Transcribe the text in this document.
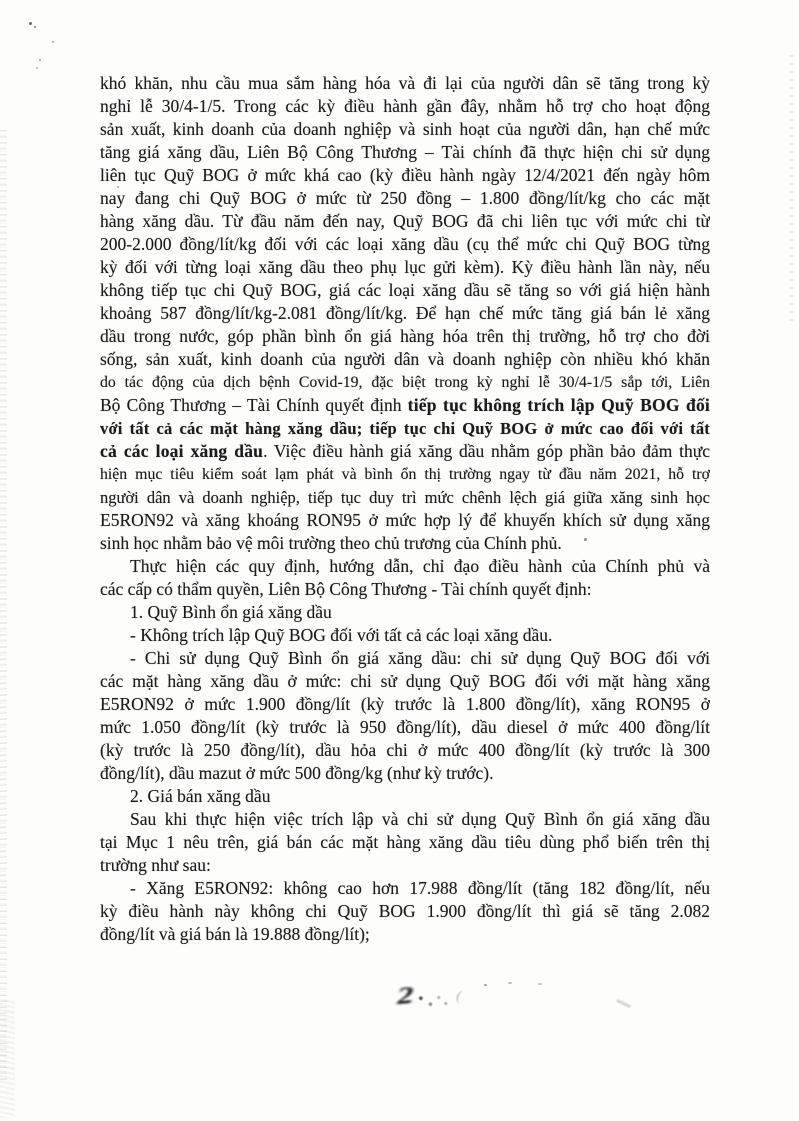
khó khăn, nhu cầu mua sắm hàng hóa và đi lại của người dân sẽ tăng trong kỳ
nghỉ lễ 30/4-1/5. Trong các kỳ điều hành gần đây, nhằm hỗ trợ cho hoạt động
sản xuất, kinh doanh của doanh nghiệp và sinh hoạt của người dân, hạn chế mức
tăng giá xăng dầu, Liên Bộ Công Thương – Tài chính đã thực hiện chi sử dụng
liên tục Quỹ BOG ở mức khá cao (kỳ điều hành ngày 12/4/2021 đến ngày hôm
nay đang chi Quỹ BOG ở mức từ 250 đồng – 1.800 đồng/lít/kg cho các mặt
hàng xăng dầu. Từ đầu năm đến nay, Quỹ BOG đã chi liên tục với mức chi từ
200-2.000 đồng/lít/kg đối với các loại xăng dầu (cụ thể mức chi Quỹ BOG từng
kỳ đối với từng loại xăng dầu theo phụ lục gửi kèm). Kỳ điều hành lần này, nếu
không tiếp tục chi Quỹ BOG, giá các loại xăng dầu sẽ tăng so với giá hiện hành
khoảng 587 đồng/lít/kg-2.081 đồng/lít/kg. Để hạn chế mức tăng giá bán lẻ xăng
dầu trong nước, góp phần bình ổn giá hàng hóa trên thị trường, hỗ trợ cho đời
sống, sản xuất, kinh doanh của người dân và doanh nghiệp còn nhiều khó khăn
do tác động của dịch bệnh Covid-19, đặc biệt trong kỳ nghỉ lễ 30/4-1/5 sắp tới, Liên
Bộ Công Thương – Tài Chính quyết định tiếp tục không trích lập Quỹ BOG đối
với tất cả các mặt hàng xăng dầu; tiếp tục chi Quỹ BOG ở mức cao đối với tất
cả các loại xăng dầu. Việc điều hành giá xăng dầu nhằm góp phần bảo đảm thực
hiện mục tiêu kiểm soát lạm phát và bình ổn thị trường ngay từ đầu năm 2021, hỗ trợ
người dân và doanh nghiệp, tiếp tục duy trì mức chênh lệch giá giữa xăng sinh học
E5RON92 và xăng khoáng RON95 ở mức hợp lý để khuyến khích sử dụng xăng
sinh học nhằm bảo vệ môi trường theo chủ trương của Chính phủ.
Thực hiện các quy định, hướng dẫn, chỉ đạo điều hành của Chính phủ và
các cấp có thẩm quyền, Liên Bộ Công Thương - Tài chính quyết định:
1. Quỹ Bình ổn giá xăng dầu
- Không trích lập Quỹ BOG đối với tất cả các loại xăng dầu.
- Chi sử dụng Quỹ Bình ổn giá xăng dầu: chi sử dụng Quỹ BOG đối với
các mặt hàng xăng dầu ở mức: chi sử dụng Quỹ BOG đối với mặt hàng xăng
E5RON92 ở mức 1.900 đồng/lít (kỳ trước là 1.800 đồng/lít), xăng RON95 ở
mức 1.050 đồng/lít (kỳ trước là 950 đồng/lít), dầu diesel ở mức 400 đồng/lít
(kỳ trước là 250 đồng/lít), dầu hỏa chi ở mức 400 đồng/lít (kỳ trước là 300
đồng/lít), dầu mazut ở mức 500 đồng/kg (như kỳ trước).
2. Giá bán xăng dầu
Sau khi thực hiện việc trích lập và chi sử dụng Quỹ Bình ổn giá xăng dầu
tại Mục 1 nêu trên, giá bán các mặt hàng xăng dầu tiêu dùng phổ biến trên thị
trường như sau:
- Xăng E5RON92: không cao hơn 17.988 đồng/lít (tăng 182 đồng/lít, nếu
kỳ điều hành này không chi Quỹ BOG 1.900 đồng/lít thì giá sẽ tăng 2.082
đồng/lít và giá bán là 19.888 đồng/lít);
2
